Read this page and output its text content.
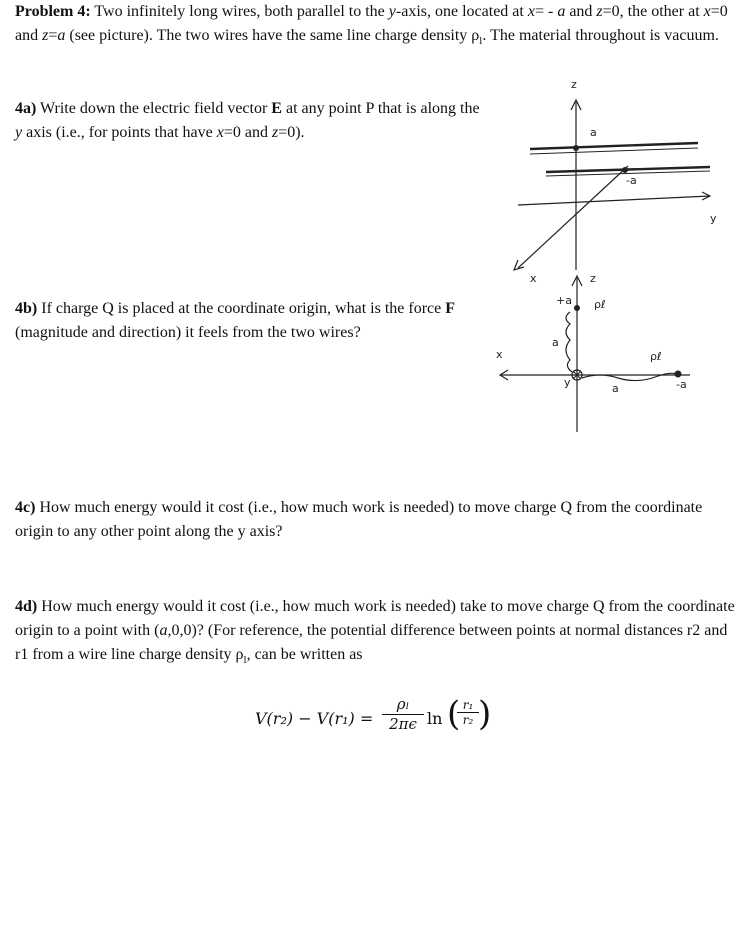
Problem 4: Two infinitely long wires, both parallel to the y-axis, one located at x= - a and z=0, the other at x=0 and z=a (see picture). The two wires have the same line charge density $\rho_l$. The material throughout is vacuum.

4a) Write down the electric field vector E at any point P that is along the y axis (i.e., for points that have x=0 and z=0).

4b) If charge Q is placed at the coordinate origin, what is the force F (magnitude and direction) it feels from the two wires?

4c) How much energy would it cost (i.e., how much work is needed) to move charge Q from the coordinate origin to any other point along the y axis?

4d) How much energy would it cost (i.e., how much work is needed) take to move charge Q from the coordinate origin to a point with (a,0,0)? (For reference, the potential difference between points at normal distances r2 and r1 from a wire line charge density $\rho_l$, can be written as

$V(r_2) - V(r_1) = \frac{\text{ρₗ}}{2\pi\epsilon}$ ln (
$\frac{\text{r₁}}{\text{r₂}}$ )
z
a
-a
y
x	z
+a ρℓ
a
x	ρℓ
-a
y	a
